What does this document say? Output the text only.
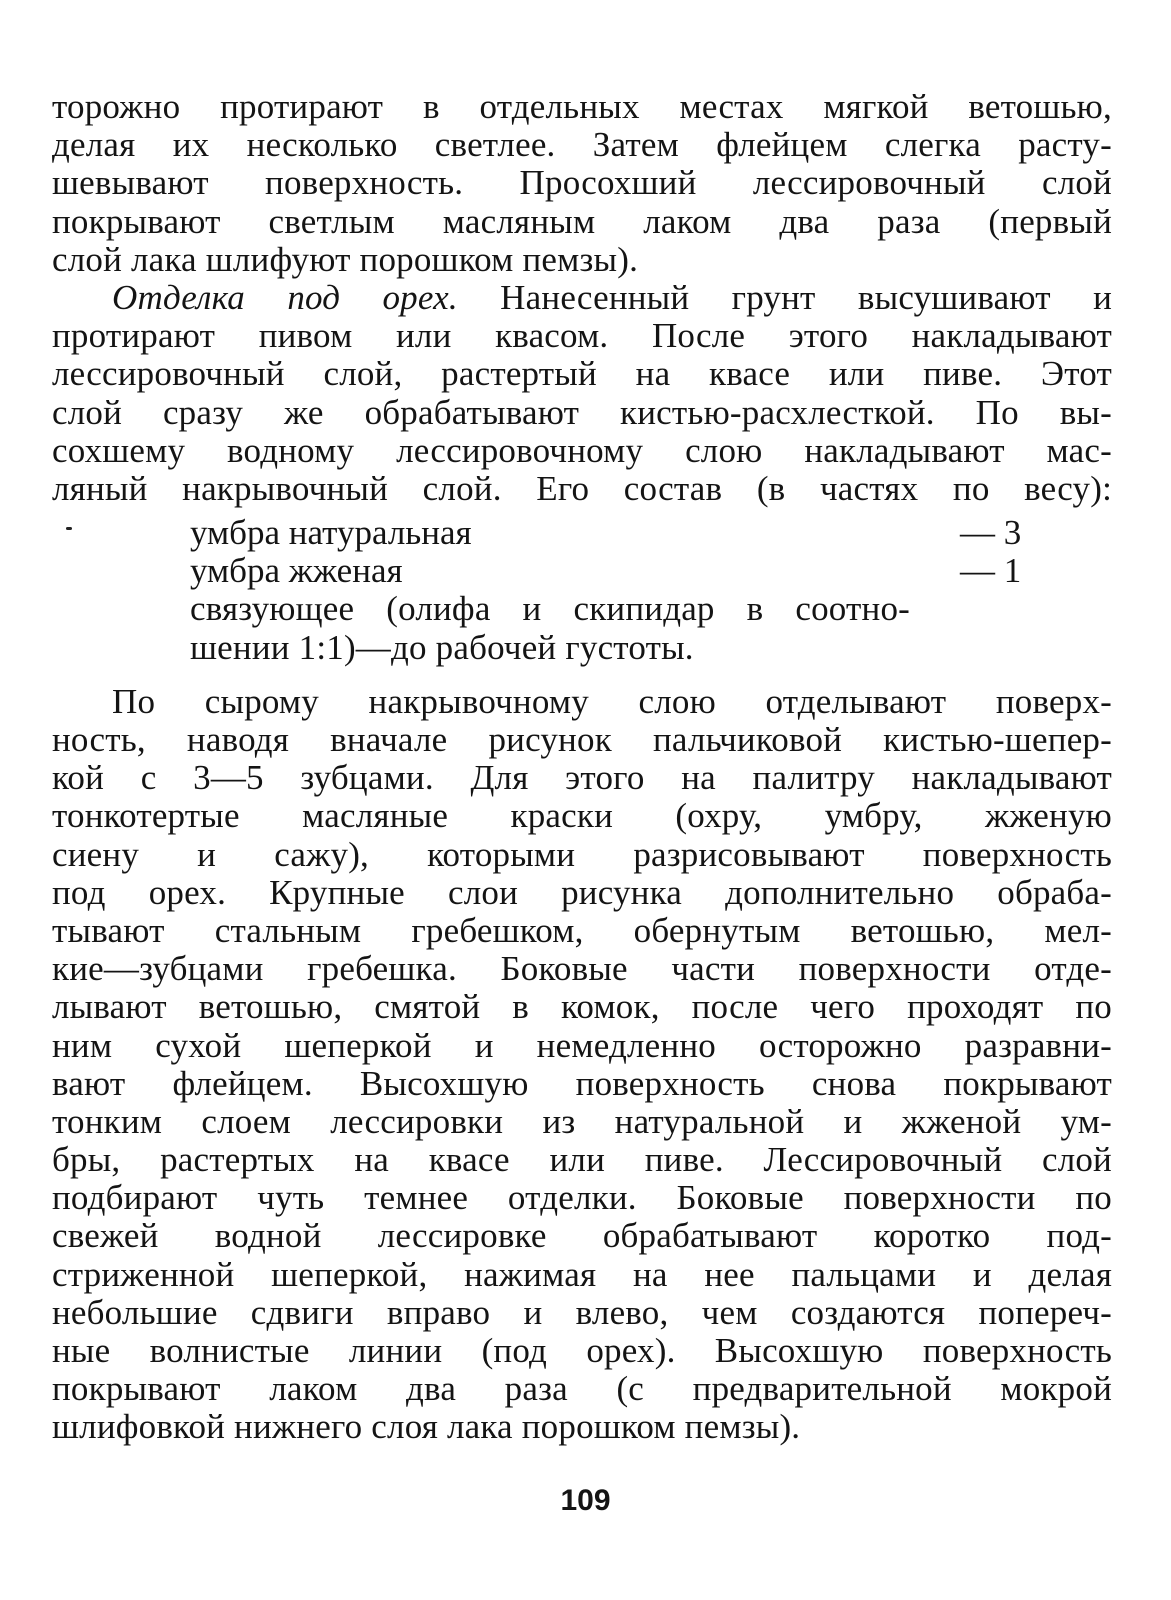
торожно протирают в отдельных местах мягкой ветошью,
делая их несколько светлее. Затем флейцем слегка расту-
шевывают поверхность. Просохший лессировочный слой
покрывают светлым масляным лаком два раза (первый
слой лака шлифуют порошком пемзы).
Отделка под орех. Нанесенный грунт высушивают и
протирают пивом или квасом. После этого накладывают
лессировочный слой, растертый на квасе или пиве. Этот
слой сразу же обрабатывают кистью-расхлесткой. По вы-
сохшему водному лессировочному слою накладывают мас-
ляный накрывочный слой. Его состав (в частях по весу):
умбра натуральная	— 3
умбра жженая	— 1
связующее (олифа и скипидар в соотно-
шении 1:1)—до рабочей густоты.
По сырому накрывочному слою отделывают поверх-
ность, наводя вначале рисунок пальчиковой кистью-шепер-
кой с 3—5 зубцами. Для этого на палитру накладывают
тонкотертые масляные краски (охру, умбру, жженую
сиену и сажу), которыми разрисовывают поверхность
под орех. Крупные слои рисунка дополнительно обраба-
тывают стальным гребешком, обернутым ветошью, мел-
кие—зубцами гребешка. Боковые части поверхности отде-
лывают ветошью, смятой в комок, после чего проходят по
ним сухой шеперкой и немедленно осторожно разравни-
вают флейцем. Высохшую поверхность снова покрывают
тонким слоем лессировки из натуральной и жженой ум-
бры, растертых на квасе или пиве. Лессировочный слой
подбирают чуть темнее отделки. Боковые поверхности по
свежей водной лессировке обрабатывают коротко под-
стриженной шеперкой, нажимая на нее пальцами и делая
небольшие сдвиги вправо и влево, чем создаются попереч-
ные волнистые линии (под орех). Высохшую поверхность
покрывают лаком два раза (с предварительной мокрой
шлифовкой нижнего слоя лака порошком пемзы).
109
